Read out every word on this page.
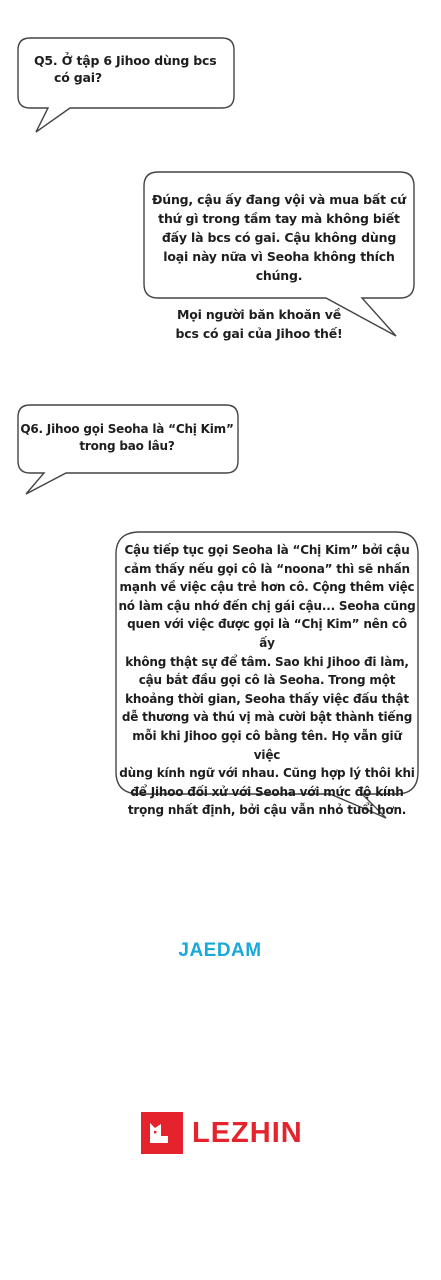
Q5. Ở tập 6 Jihoo dùng bcs
có gai?
Đúng, cậu ấy đang vội và mua bất cứ
thứ gì trong tầm tay mà không biết
đấy là bcs có gai. Cậu không dùng
loại này nữa vì Seoha không thích
chúng.
Mọi người băn khoăn về
bcs có gai của Jihoo thế!
Q6. Jihoo gọi Seoha là “Chị Kim”
trong bao lâu?
Cậu tiếp tục gọi Seoha là “Chị Kim” bởi cậu
cảm thấy nếu gọi cô là “noona” thì sẽ nhấn
mạnh về việc cậu trẻ hơn cô. Cộng thêm việc
nó làm cậu nhớ đến chị gái cậu... Seoha cũng
quen với việc được gọi là “Chị Kim” nên cô ấy
không thật sự để tâm. Sao khi Jihoo đi làm,
cậu bắt đầu gọi cô là Seoha. Trong một
khoảng thời gian, Seoha thấy việc đấu thật
dễ thương và thú vị mà cười bật thành tiếng
mỗi khi Jihoo gọi cô bằng tên. Họ vẫn giữ việc
dùng kính ngữ với nhau. Cũng hợp lý thôi khi
để Jihoo đối xử với Seoha với mức độ kính
trọng nhất định, bởi cậu vẫn nhỏ tuổi hơn.
JAEDAM
LEZHIN
